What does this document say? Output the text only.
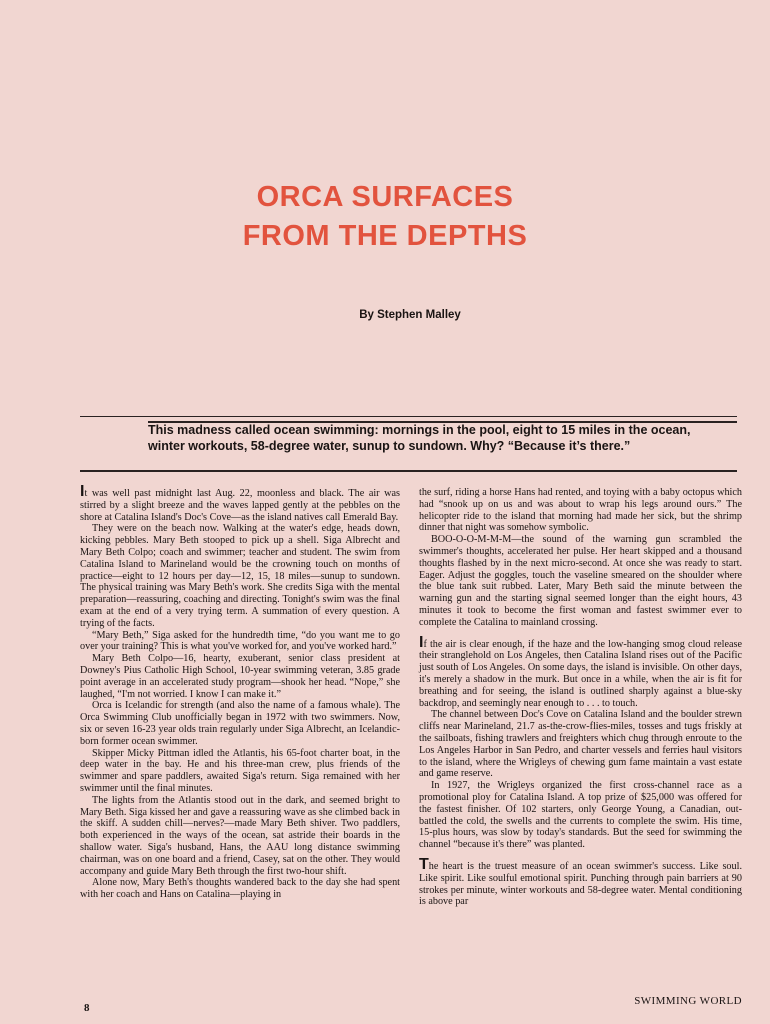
ORCA SURFACES
FROM THE DEPTHS
By Stephen Malley
This madness called ocean swimming: mornings in the pool, eight to 15 miles in the ocean, winter workouts, 58-degree water, sunup to sundown. Why? “Because it’s there.”

It was well past midnight last Aug. 22, moonless and black. The air was stirred by a slight breeze and the waves lapped gently at the pebbles on the shore at Catalina Island's Doc's Cove—as the island natives call Emerald Bay.

They were on the beach now. Walking at the water's edge, heads down, kicking pebbles. Mary Beth stooped to pick up a shell. Siga Albrecht and Mary Beth Colpo; coach and swimmer; teacher and student. The swim from Catalina Island to Marineland would be the crowning touch on months of practice—eight to 12 hours per day—12, 15, 18 miles—sunup to sundown. The physical training was Mary Beth's work. She credits Siga with the mental preparation—reassuring, coaching and directing. Tonight's swim was the final exam at the end of a very trying term. A summation of every question. A trying of the facts.

“Mary Beth,” Siga asked for the hundredth time, “do you want me to go over your training? This is what you've worked for, and you've worked hard.”

Mary Beth Colpo—16, hearty, exuberant, senior class president at Downey's Pius Catholic High School, 10-year swimming veteran, 3.85 grade point average in an accelerated study program—shook her head. “Nope,” she laughed, “I'm not worried. I know I can make it.”

Orca is Icelandic for strength (and also the name of a famous whale). The Orca Swimming Club unofficially began in 1972 with two swimmers. Now, six or seven 16-23 year olds train regularly under Siga Albrecht, an Icelandic-born former ocean swimmer.

Skipper Micky Pittman idled the Atlantis, his 65-foot charter boat, in the deep water in the bay. He and his three-man crew, plus friends of the swimmer and spare paddlers, awaited Siga's return. Siga remained with her swimmer until the final minutes.

The lights from the Atlantis stood out in the dark, and seemed bright to Mary Beth. Siga kissed her and gave a reassuring wave as she climbed back in the skiff. A sudden chill—nerves?—made Mary Beth shiver. Two paddlers, both experienced in the ways of the ocean, sat astride their boards in the shallow water. Siga's husband, Hans, the AAU long distance swimming chairman, was on one board and a friend, Casey, sat on the other. They would accompany and guide Mary Beth through the first two-hour shift.

Alone now, Mary Beth's thoughts wandered back to the day she had spent with her coach and Hans on Catalina—playing in

the surf, riding a horse Hans had rented, and toying with a baby octopus which had “snook up on us and was about to wrap his legs around ours.” The helicopter ride to the island that morning had made her sick, but the shrimp dinner that night was somehow symbolic.

BOO-O-O-M-M-M—the sound of the warning gun scrambled the swimmer's thoughts, accelerated her pulse. Her heart skipped and a thousand thoughts flashed by in the next micro-second. At once she was ready to start. Eager. Adjust the goggles, touch the vaseline smeared on the shoulder where the blue tank suit rubbed. Later, Mary Beth said the minute between the warning gun and the starting signal seemed longer than the eight hours, 43 minutes it took to become the first woman and fastest swimmer ever to complete the Catalina to mainland crossing.

If the air is clear enough, if the haze and the low-hanging smog cloud release their stranglehold on Los Angeles, then Catalina Island rises out of the Pacific just south of Los Angeles. On some days, the island is invisible. On other days, it's merely a shadow in the murk. But once in a while, when the air is fit for breathing and for seeing, the island is outlined sharply against a blue-sky backdrop, and seemingly near enough to . . . to touch.

The channel between Doc's Cove on Catalina Island and the boulder strewn cliffs near Marineland, 21.7 as-the-crow-flies-miles, tosses and tugs friskly at the sailboats, fishing trawlers and freighters which chug through enroute to the Los Angeles Harbor in San Pedro, and charter vessels and ferries haul visitors to the island, where the Wrigleys of chewing gum fame maintain a vast estate and game reserve.

In 1927, the Wrigleys organized the first cross-channel race as a promotional ploy for Catalina Island. A top prize of $25,000 was offered for the fastest finisher. Of 102 starters, only George Young, a Canadian, out-battled the cold, the swells and the currents to complete the swim. His time, 15-plus hours, was slow by today's standards. But the seed for swimming the channel “because it's there” was planted.

The heart is the truest measure of an ocean swimmer's success. Like soul. Like spirit. Like soulful emotional spirit. Punching through pain barriers at 90 strokes per minute, winter workouts and 58-degree water. Mental conditioning is above par

8
SWIMMING WORLD
